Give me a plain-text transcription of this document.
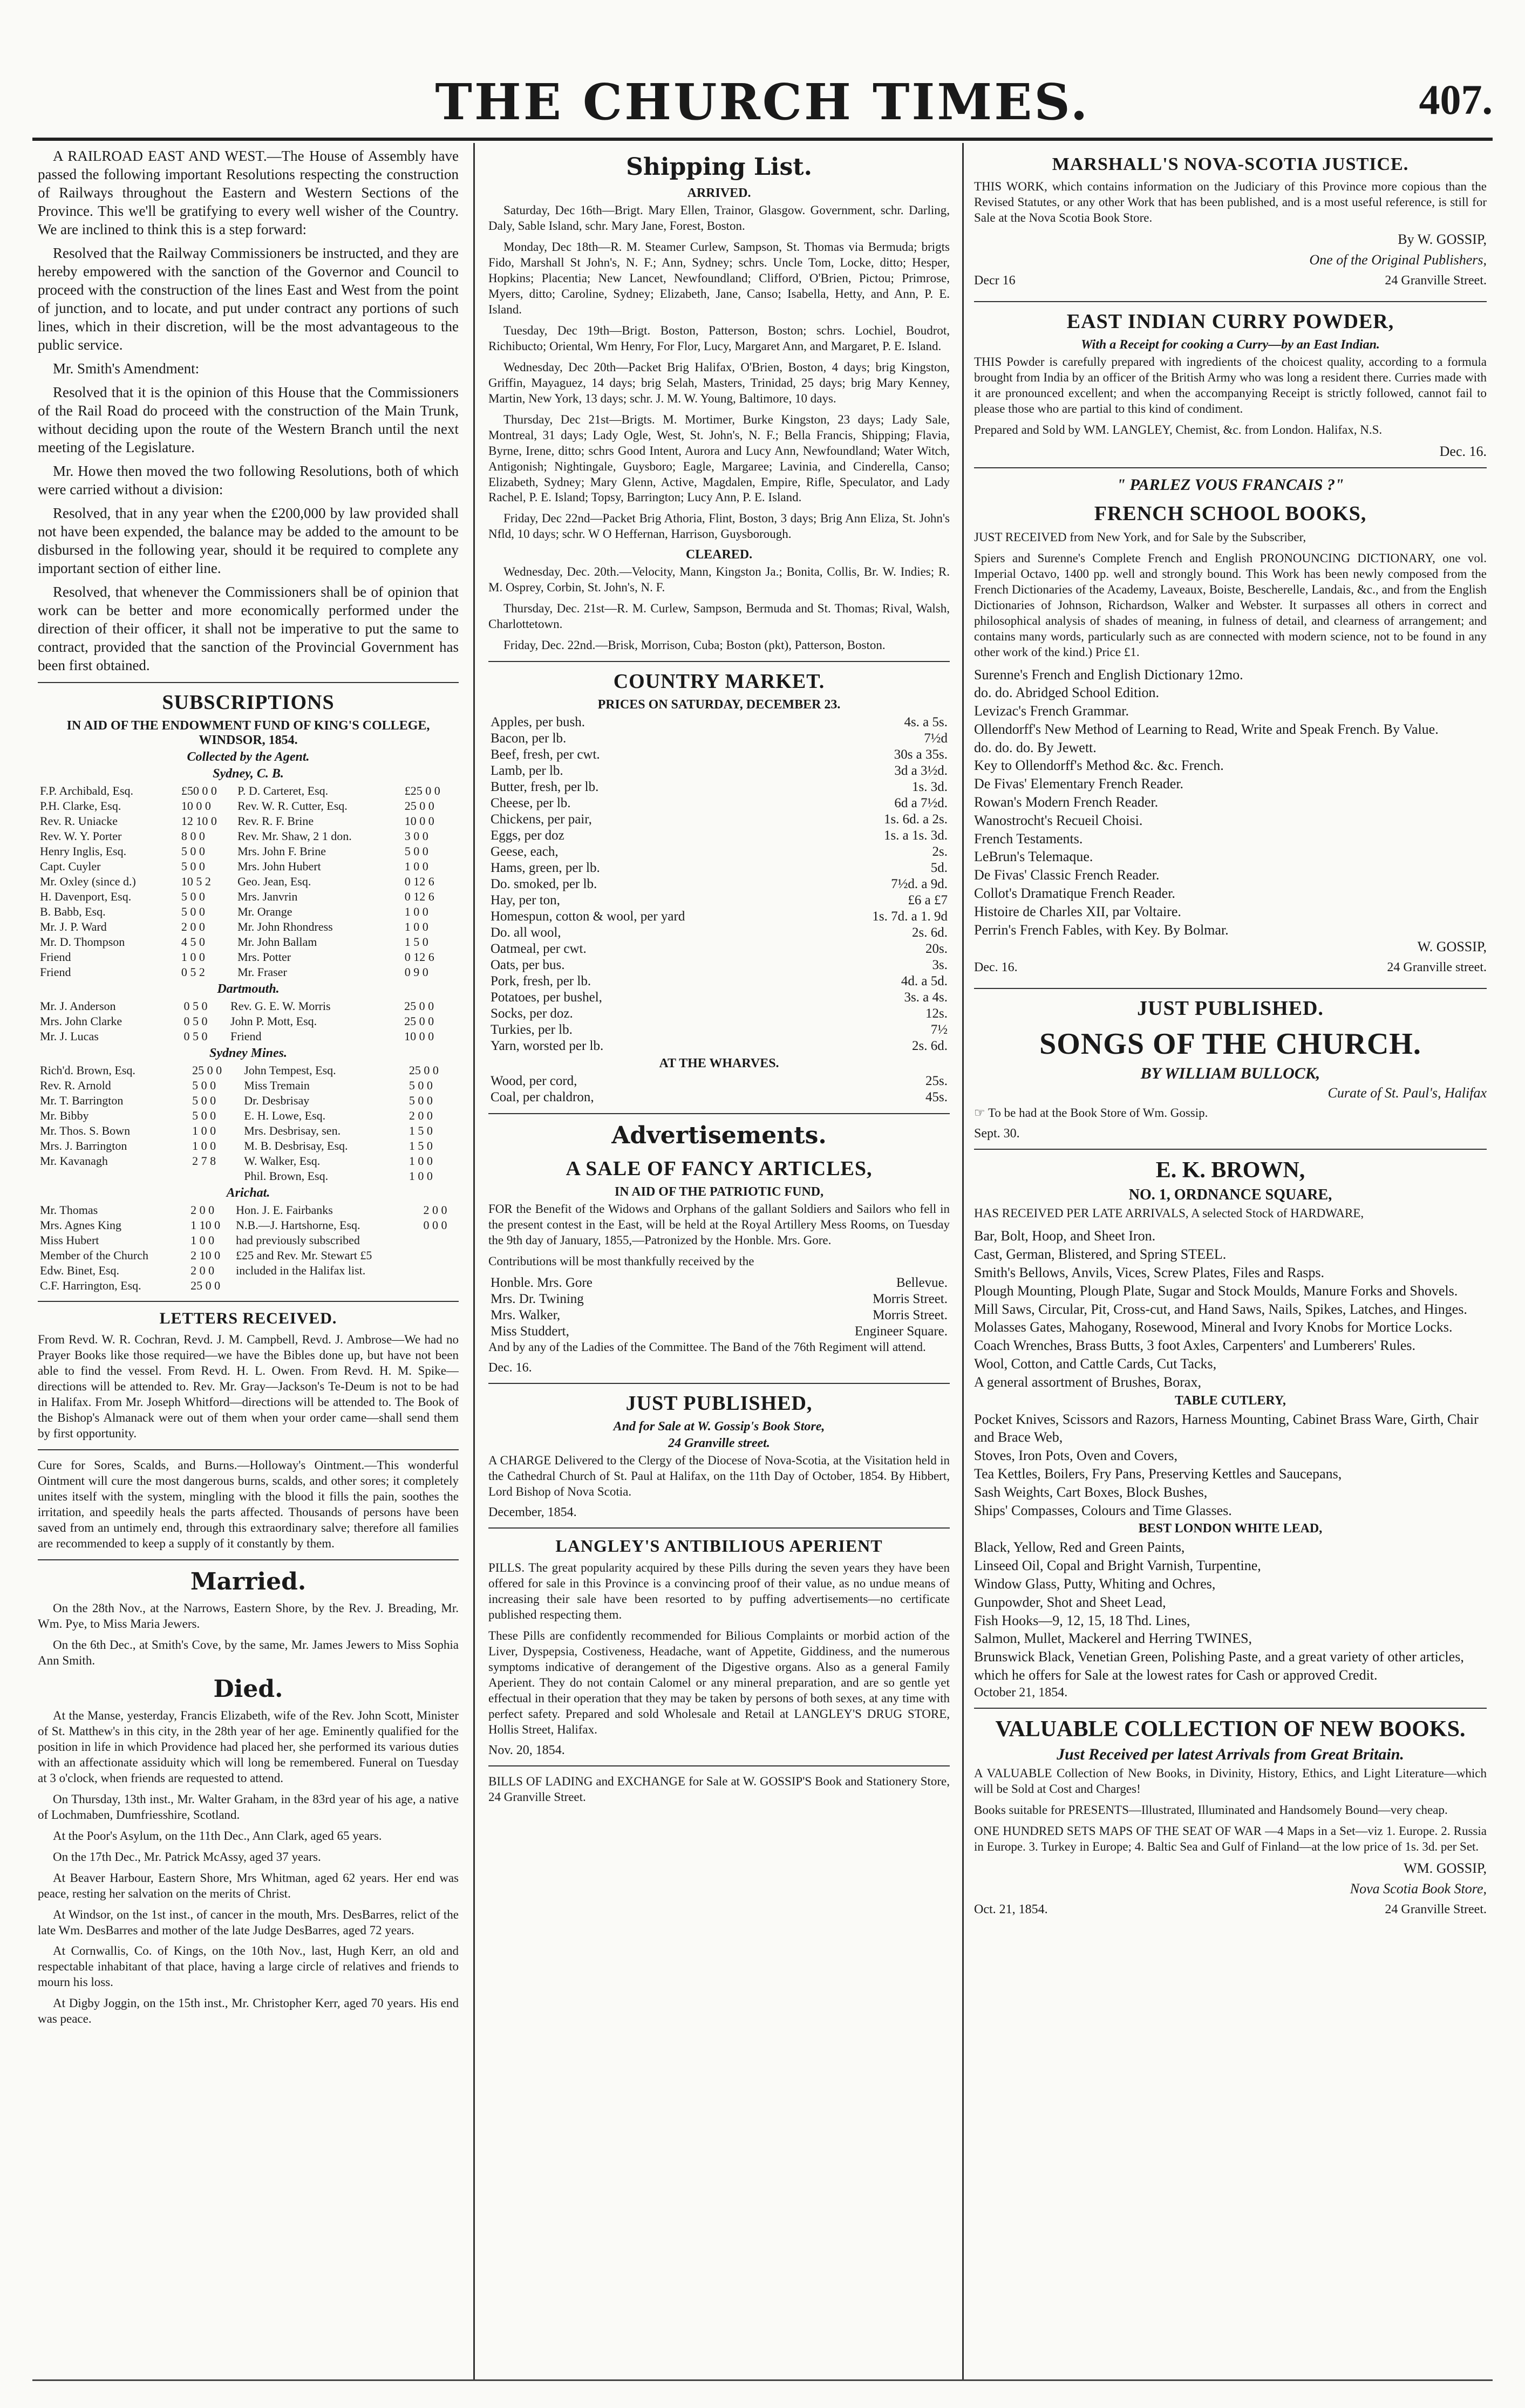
THE CHURCH TIMES.	407.

A RAILROAD EAST AND WEST.—The House of Assembly have passed the following important Resolutions respecting the construction of Railways throughout the Eastern and Western Sections of the Province. This we'll be gratifying to every well wisher of the Country. We are inclined to think this is a step forward:

Resolved that the Railway Commissioners be instructed, and they are hereby empowered with the sanction of the Governor and Council to proceed with the construction of the lines East and West from the point of junction, and to locate, and put under contract any portions of such lines, which in their discretion, will be the most advantageous to the public service.

Mr. Smith's Amendment:

Resolved that it is the opinion of this House that the Commissioners of the Rail Road do proceed with the construction of the Main Trunk, without deciding upon the route of the Western Branch until the next meeting of the Legislature.

Mr. Howe then moved the two following Resolutions, both of which were carried without a division:

Resolved, that in any year when the £200,000 by law provided shall not have been expended, the balance may be added to the amount to be disbursed in the following year, should it be required to complete any important section of either line.

Resolved, that whenever the Commissioners shall be of opinion that work can be better and more economically performed under the direction of their officer, it shall not be imperative to put the same to contract, provided that the sanction of the Provincial Government has been first obtained.

SUBSCRIPTIONS
IN AID OF THE ENDOWMENT FUND OF KING'S COLLEGE, WINDSOR, 1854.
Collected by the Agent.
Sydney, C. B.
F.P. Archibald, Esq.	£50 0 0	P. D. Carteret, Esq.	£25 0 0
P.H. Clarke, Esq.	10 0 0	Rev. W. R. Cutter, Esq.	25 0 0
Rev. R. Uniacke	12 10 0	Rev. R. F. Brine	10 0 0
Rev. W. Y. Porter	8 0 0	Rev. Mr. Shaw, 2 1 don.	3 0 0
Henry Inglis, Esq.	5 0 0	Mrs. John F. Brine	5 0 0
Capt. Cuyler	5 0 0	Mrs. John Hubert	1 0 0
Mr. Oxley (since d.)	10 5 2	Geo. Jean, Esq.	0 12 6
H. Davenport, Esq.	5 0 0	Mrs. Janvrin	0 12 6
B. Babb, Esq.	5 0 0	Mr. Orange	1 0 0
Mr. J. P. Ward	2 0 0	Mr. John Rhondress	1 0 0
Mr. D. Thompson	4 5 0	Mr. John Ballam	1 5 0
Friend	1 0 0	Mrs. Potter	0 12 6
Friend	0 5 2	Mr. Fraser	0 9 0
Dartmouth.
Mr. J. Anderson	0 5 0	Rev. G. E. W. Morris	25 0 0
Mrs. John Clarke	0 5 0	John P. Mott, Esq.	25 0 0
Mr. J. Lucas	0 5 0	Friend	10 0 0
Sydney Mines.
Rich'd. Brown, Esq.	25 0 0	John Tempest, Esq.	25 0 0
Rev. R. Arnold	5 0 0	Miss Tremain	5 0 0
Mr. T. Barrington	5 0 0	Dr. Desbrisay	5 0 0
Mr. Bibby	5 0 0	E. H. Lowe, Esq.	2 0 0
Mr. Thos. S. Bown	1 0 0	Mrs. Desbrisay, sen.	1 5 0
Mrs. J. Barrington	1 0 0	M. B. Desbrisay, Esq.	1 5 0
Mr. Kavanagh	2 7 8	W. Walker, Esq.	1 0 0
		Phil. Brown, Esq.	1 0 0
Arichat.
Mr. Thomas	2 0 0	Hon. J. E. Fairbanks	2 0 0
Mrs. Agnes King	1 10 0	N.B.—J. Hartshorne, Esq.	0 0 0
Miss Hubert	1 0 0	had previously subscribed	
Member of the Church	2 10 0	£25 and Rev. Mr. Stewart £5	
Edw. Binet, Esq.	2 0 0	included in the Halifax list.	
C.F. Harrington, Esq.	25 0 0		
LETTERS RECEIVED.

From Revd. W. R. Cochran, Revd. J. M. Campbell, Revd. J. Ambrose—We had no Prayer Books like those required—we have the Bibles done up, but have not been able to find the vessel. From Revd. H. L. Owen. From Revd. H. M. Spike—directions will be attended to. Rev. Mr. Gray—Jackson's Te-Deum is not to be had in Halifax. From Mr. Joseph Whitford—directions will be attended to. The Book of the Bishop's Almanack were out of them when your order came—shall send them by first opportunity.

Cure for Sores, Scalds, and Burns.—Holloway's Ointment.—This wonderful Ointment will cure the most dangerous burns, scalds, and other sores; it completely unites itself with the system, mingling with the blood it fills the pain, soothes the irritation, and speedily heals the parts affected. Thousands of persons have been saved from an untimely end, through this extraordinary salve; therefore all families are recommended to keep a supply of it constantly by them.

Married.

On the 28th Nov., at the Narrows, Eastern Shore, by the Rev. J. Breading, Mr. Wm. Pye, to Miss Maria Jewers.

On the 6th Dec., at Smith's Cove, by the same, Mr. James Jewers to Miss Sophia Ann Smith.

Died.

At the Manse, yesterday, Francis Elizabeth, wife of the Rev. John Scott, Minister of St. Matthew's in this city, in the 28th year of her age. Eminently qualified for the position in life in which Providence had placed her, she performed its various duties with an affectionate assiduity which will long be remembered. Funeral on Tuesday at 3 o'clock, when friends are requested to attend.

On Thursday, 13th inst., Mr. Walter Graham, in the 83rd year of his age, a native of Lochmaben, Dumfriesshire, Scotland.

At the Poor's Asylum, on the 11th Dec., Ann Clark, aged 65 years.

On the 17th Dec., Mr. Patrick McAssy, aged 37 years.

At Beaver Harbour, Eastern Shore, Mrs Whitman, aged 62 years. Her end was peace, resting her salvation on the merits of Christ.

At Windsor, on the 1st inst., of cancer in the mouth, Mrs. DesBarres, relict of the late Wm. DesBarres and mother of the late Judge DesBarres, aged 72 years.

At Cornwallis, Co. of Kings, on the 10th Nov., last, Hugh Kerr, an old and respectable inhabitant of that place, having a large circle of relatives and friends to mourn his loss.

At Digby Joggin, on the 15th inst., Mr. Christopher Kerr, aged 70 years. His end was peace.

Shipping List.
ARRIVED.

Saturday, Dec 16th—Brigt. Mary Ellen, Trainor, Glasgow. Government, schr. Darling, Daly, Sable Island, schr. Mary Jane, Forest, Boston.

Monday, Dec 18th—R. M. Steamer Curlew, Sampson, St. Thomas via Bermuda; brigts Fido, Marshall St John's, N. F.; Ann, Sydney; schrs. Uncle Tom, Locke, ditto; Hesper, Hopkins; Placentia; New Lancet, Newfoundland; Clifford, O'Brien, Pictou; Primrose, Myers, ditto; Caroline, Sydney; Elizabeth, Jane, Canso; Isabella, Hetty, and Ann, P. E. Island.

Tuesday, Dec 19th—Brigt. Boston, Patterson, Boston; schrs. Lochiel, Boudrot, Richibucto; Oriental, Wm Henry, For Flor, Lucy, Margaret Ann, and Margaret, P. E. Island.

Wednesday, Dec 20th—Packet Brig Halifax, O'Brien, Boston, 4 days; brig Kingston, Griffin, Mayaguez, 14 days; brig Selah, Masters, Trinidad, 25 days; brig Mary Kenney, Martin, New York, 13 days; schr. J. M. W. Young, Baltimore, 10 days.

Thursday, Dec 21st—Brigts. M. Mortimer, Burke Kingston, 23 days; Lady Sale, Montreal, 31 days; Lady Ogle, West, St. John's, N. F.; Bella Francis, Shipping; Flavia, Byrne, Irene, ditto; schrs Good Intent, Aurora and Lucy Ann, Newfoundland; Water Witch, Antigonish; Nightingale, Guysboro; Eagle, Margaree; Lavinia, and Cinderella, Canso; Elizabeth, Sydney; Mary Glenn, Active, Magdalen, Empire, Rifle, Speculator, and Lady Rachel, P. E. Island; Topsy, Barrington; Lucy Ann, P. E. Island.

Friday, Dec 22nd—Packet Brig Athoria, Flint, Boston, 3 days; Brig Ann Eliza, St. John's Nfld, 10 days; schr. W O Heffernan, Harrison, Guysborough.

CLEARED.

Wednesday, Dec. 20th.—Velocity, Mann, Kingston Ja.; Bonita, Collis, Br. W. Indies; R. M. Osprey, Corbin, St. John's, N. F.

Thursday, Dec. 21st—R. M. Curlew, Sampson, Bermuda and St. Thomas; Rival, Walsh, Charlottetown.

Friday, Dec. 22nd.—Brisk, Morrison, Cuba; Boston (pkt), Patterson, Boston.

COUNTRY MARKET.
PRICES ON SATURDAY, DECEMBER 23.
Apples, per bush.	4s. a 5s.
Bacon, per lb.	7½d
Beef, fresh, per cwt.	30s a 35s.
Lamb, per lb.	3d a 3½d.
Butter, fresh, per lb.	1s. 3d.
Cheese, per lb.	6d a 7½d.
Chickens, per pair,	1s. 6d. a 2s.
Eggs, per doz	1s. a 1s. 3d.
Geese, each,	2s.
Hams, green, per lb.	5d.
Do. smoked, per lb.	7½d. a 9d.
Hay, per ton,	£6 a £7
Homespun, cotton & wool, per yard	1s. 7d. a 1. 9d
Do. all wool,	2s. 6d.
Oatmeal, per cwt.	20s.
Oats, per bus.	3s.
Pork, fresh, per lb.	4d. a 5d.
Potatoes, per bushel,	3s. a 4s.
Socks, per doz.	12s.
Turkies, per lb.	7½
Yarn, worsted per lb.	2s. 6d.
AT THE WHARVES.
Wood, per cord,	25s.
Coal, per chaldron,	45s.
Advertisements.
A SALE OF FANCY ARTICLES,
IN AID OF THE PATRIOTIC FUND,

FOR the Benefit of the Widows and Orphans of the gallant Soldiers and Sailors who fell in the present contest in the East, will be held at the Royal Artillery Mess Rooms, on Tuesday the 9th day of January, 1855,—Patronized by the Honble. Mrs. Gore.

Contributions will be most thankfully received by the

Honble. Mrs. Gore	Bellevue.
Mrs. Dr. Twining	Morris Street.
Mrs. Walker,	Morris Street.
Miss Studdert,	Engineer Square.

And by any of the Ladies of the Committee. The Band of the 76th Regiment will attend.

Dec. 16.
JUST PUBLISHED,
And for Sale at W. Gossip's Book Store,
24 Granville street.

A CHARGE Delivered to the Clergy of the Diocese of Nova-Scotia, at the Visitation held in the Cathedral Church of St. Paul at Halifax, on the 11th Day of October, 1854. By Hibbert, Lord Bishop of Nova Scotia.

December, 1854.
LANGLEY'S ANTIBILIOUS APERIENT

PILLS. The great popularity acquired by these Pills during the seven years they have been offered for sale in this Province is a convincing proof of their value, as no undue means of increasing their sale have been resorted to by puffing advertisements—no certificate published respecting them.

These Pills are confidently recommended for Bilious Complaints or morbid action of the Liver, Dyspepsia, Costiveness, Headache, want of Appetite, Giddiness, and the numerous symptoms indicative of derangement of the Digestive organs. Also as a general Family Aperient. They do not contain Calomel or any mineral preparation, and are so gentle yet effectual in their operation that they may be taken by persons of both sexes, at any time with perfect safety. Prepared and sold Wholesale and Retail at LANGLEY'S DRUG STORE, Hollis Street, Halifax.

Nov. 20, 1854.

BILLS OF LADING and EXCHANGE for Sale at W. GOSSIP'S Book and Stationery Store, 24 Granville Street.

MARSHALL'S NOVA-SCOTIA JUSTICE.

THIS WORK, which contains information on the Judiciary of this Province more copious than the Revised Statutes, or any other Work that has been published, and is a most useful reference, is still for Sale at the Nova Scotia Book Store.

By W. GOSSIP,
One of the Original Publishers,
Decr 16	24 Granville Street.
EAST INDIAN CURRY POWDER,
With a Receipt for cooking a Curry—by an East Indian.

THIS Powder is carefully prepared with ingredients of the choicest quality, according to a formula brought from India by an officer of the British Army who was long a resident there. Curries made with it are pronounced excellent; and when the accompanying Receipt is strictly followed, cannot fail to please those who are partial to this kind of condiment.

Prepared and Sold by WM. LANGLEY, Chemist, &c. from London. Halifax, N.S.

Dec. 16.
" PARLEZ VOUS FRANCAIS ?"
FRENCH SCHOOL BOOKS,

JUST RECEIVED from New York, and for Sale by the Subscriber,

Spiers and Surenne's Complete French and English PRONOUNCING DICTIONARY, one vol. Imperial Octavo, 1400 pp. well and strongly bound. This Work has been newly composed from the French Dictionaries of the Academy, Laveaux, Boiste, Bescherelle, Landais, &c., and from the English Dictionaries of Johnson, Richardson, Walker and Webster. It surpasses all others in correct and philosophical analysis of shades of meaning, in fulness of detail, and clearness of arrangement; and contains many words, particularly such as are connected with modern science, not to be found in any other work of the kind.) Price £1.

Surenne's French and English Dictionary 12mo.
do. do. Abridged School Edition.
Levizac's French Grammar.
Ollendorff's New Method of Learning to Read, Write and Speak French. By Value.
do. do. do. By Jewett.
Key to Ollendorff's Method &c. &c. French.
De Fivas' Elementary French Reader.
Rowan's Modern French Reader.
Wanostrocht's Recueil Choisi.
French Testaments.
LeBrun's Telemaque.
De Fivas' Classic French Reader.
Collot's Dramatique French Reader.
Histoire de Charles XII, par Voltaire.
Perrin's French Fables, with Key. By Bolmar.
W. GOSSIP,
Dec. 16.	24 Granville street.
JUST PUBLISHED.
SONGS OF THE CHURCH.
BY WILLIAM BULLOCK,
Curate of St. Paul's, Halifax

☞ To be had at the Book Store of Wm. Gossip.

Sept. 30.
E. K. BROWN,
NO. 1, ORDNANCE SQUARE,

HAS RECEIVED PER LATE ARRIVALS, A selected Stock of HARDWARE,

Bar, Bolt, Hoop, and Sheet Iron.
Cast, German, Blistered, and Spring STEEL.
Smith's Bellows, Anvils, Vices, Screw Plates, Files and Rasps.
Plough Mounting, Plough Plate, Sugar and Stock Moulds, Manure Forks and Shovels.
Mill Saws, Circular, Pit, Cross-cut, and Hand Saws, Nails, Spikes, Latches, and Hinges.
Molasses Gates, Mahogany, Rosewood, Mineral and Ivory Knobs for Mortice Locks.
Coach Wrenches, Brass Butts, 3 foot Axles, Carpenters' and Lumberers' Rules.
Wool, Cotton, and Cattle Cards, Cut Tacks,
A general assortment of Brushes, Borax,
TABLE CUTLERY,
Pocket Knives, Scissors and Razors, Harness Mounting, Cabinet Brass Ware, Girth, Chair and Brace Web,
Stoves, Iron Pots, Oven and Covers,
Tea Kettles, Boilers, Fry Pans, Preserving Kettles and Saucepans,
Sash Weights, Cart Boxes, Block Bushes,
Ships' Compasses, Colours and Time Glasses.
BEST LONDON WHITE LEAD,
Black, Yellow, Red and Green Paints,
Linseed Oil, Copal and Bright Varnish, Turpentine,
Window Glass, Putty, Whiting and Ochres,
Gunpowder, Shot and Sheet Lead,
Fish Hooks—9, 12, 15, 18 Thd. Lines,
Salmon, Mullet, Mackerel and Herring TWINES,
Brunswick Black, Venetian Green, Polishing Paste, and a great variety of other articles, which he offers for Sale at the lowest rates for Cash or approved Credit.
October 21, 1854.
VALUABLE COLLECTION OF NEW BOOKS.
Just Received per latest Arrivals from Great Britain.

A VALUABLE Collection of New Books, in Divinity, History, Ethics, and Light Literature—which will be Sold at Cost and Charges!

Books suitable for PRESENTS—Illustrated, Illuminated and Handsomely Bound—very cheap.

ONE HUNDRED SETS MAPS OF THE SEAT OF WAR —4 Maps in a Set—viz 1. Europe. 2. Russia in Europe. 3. Turkey in Europe; 4. Baltic Sea and Gulf of Finland—at the low price of 1s. 3d. per Set.

WM. GOSSIP,
Nova Scotia Book Store,
Oct. 21, 1854.	24 Granville Street.
